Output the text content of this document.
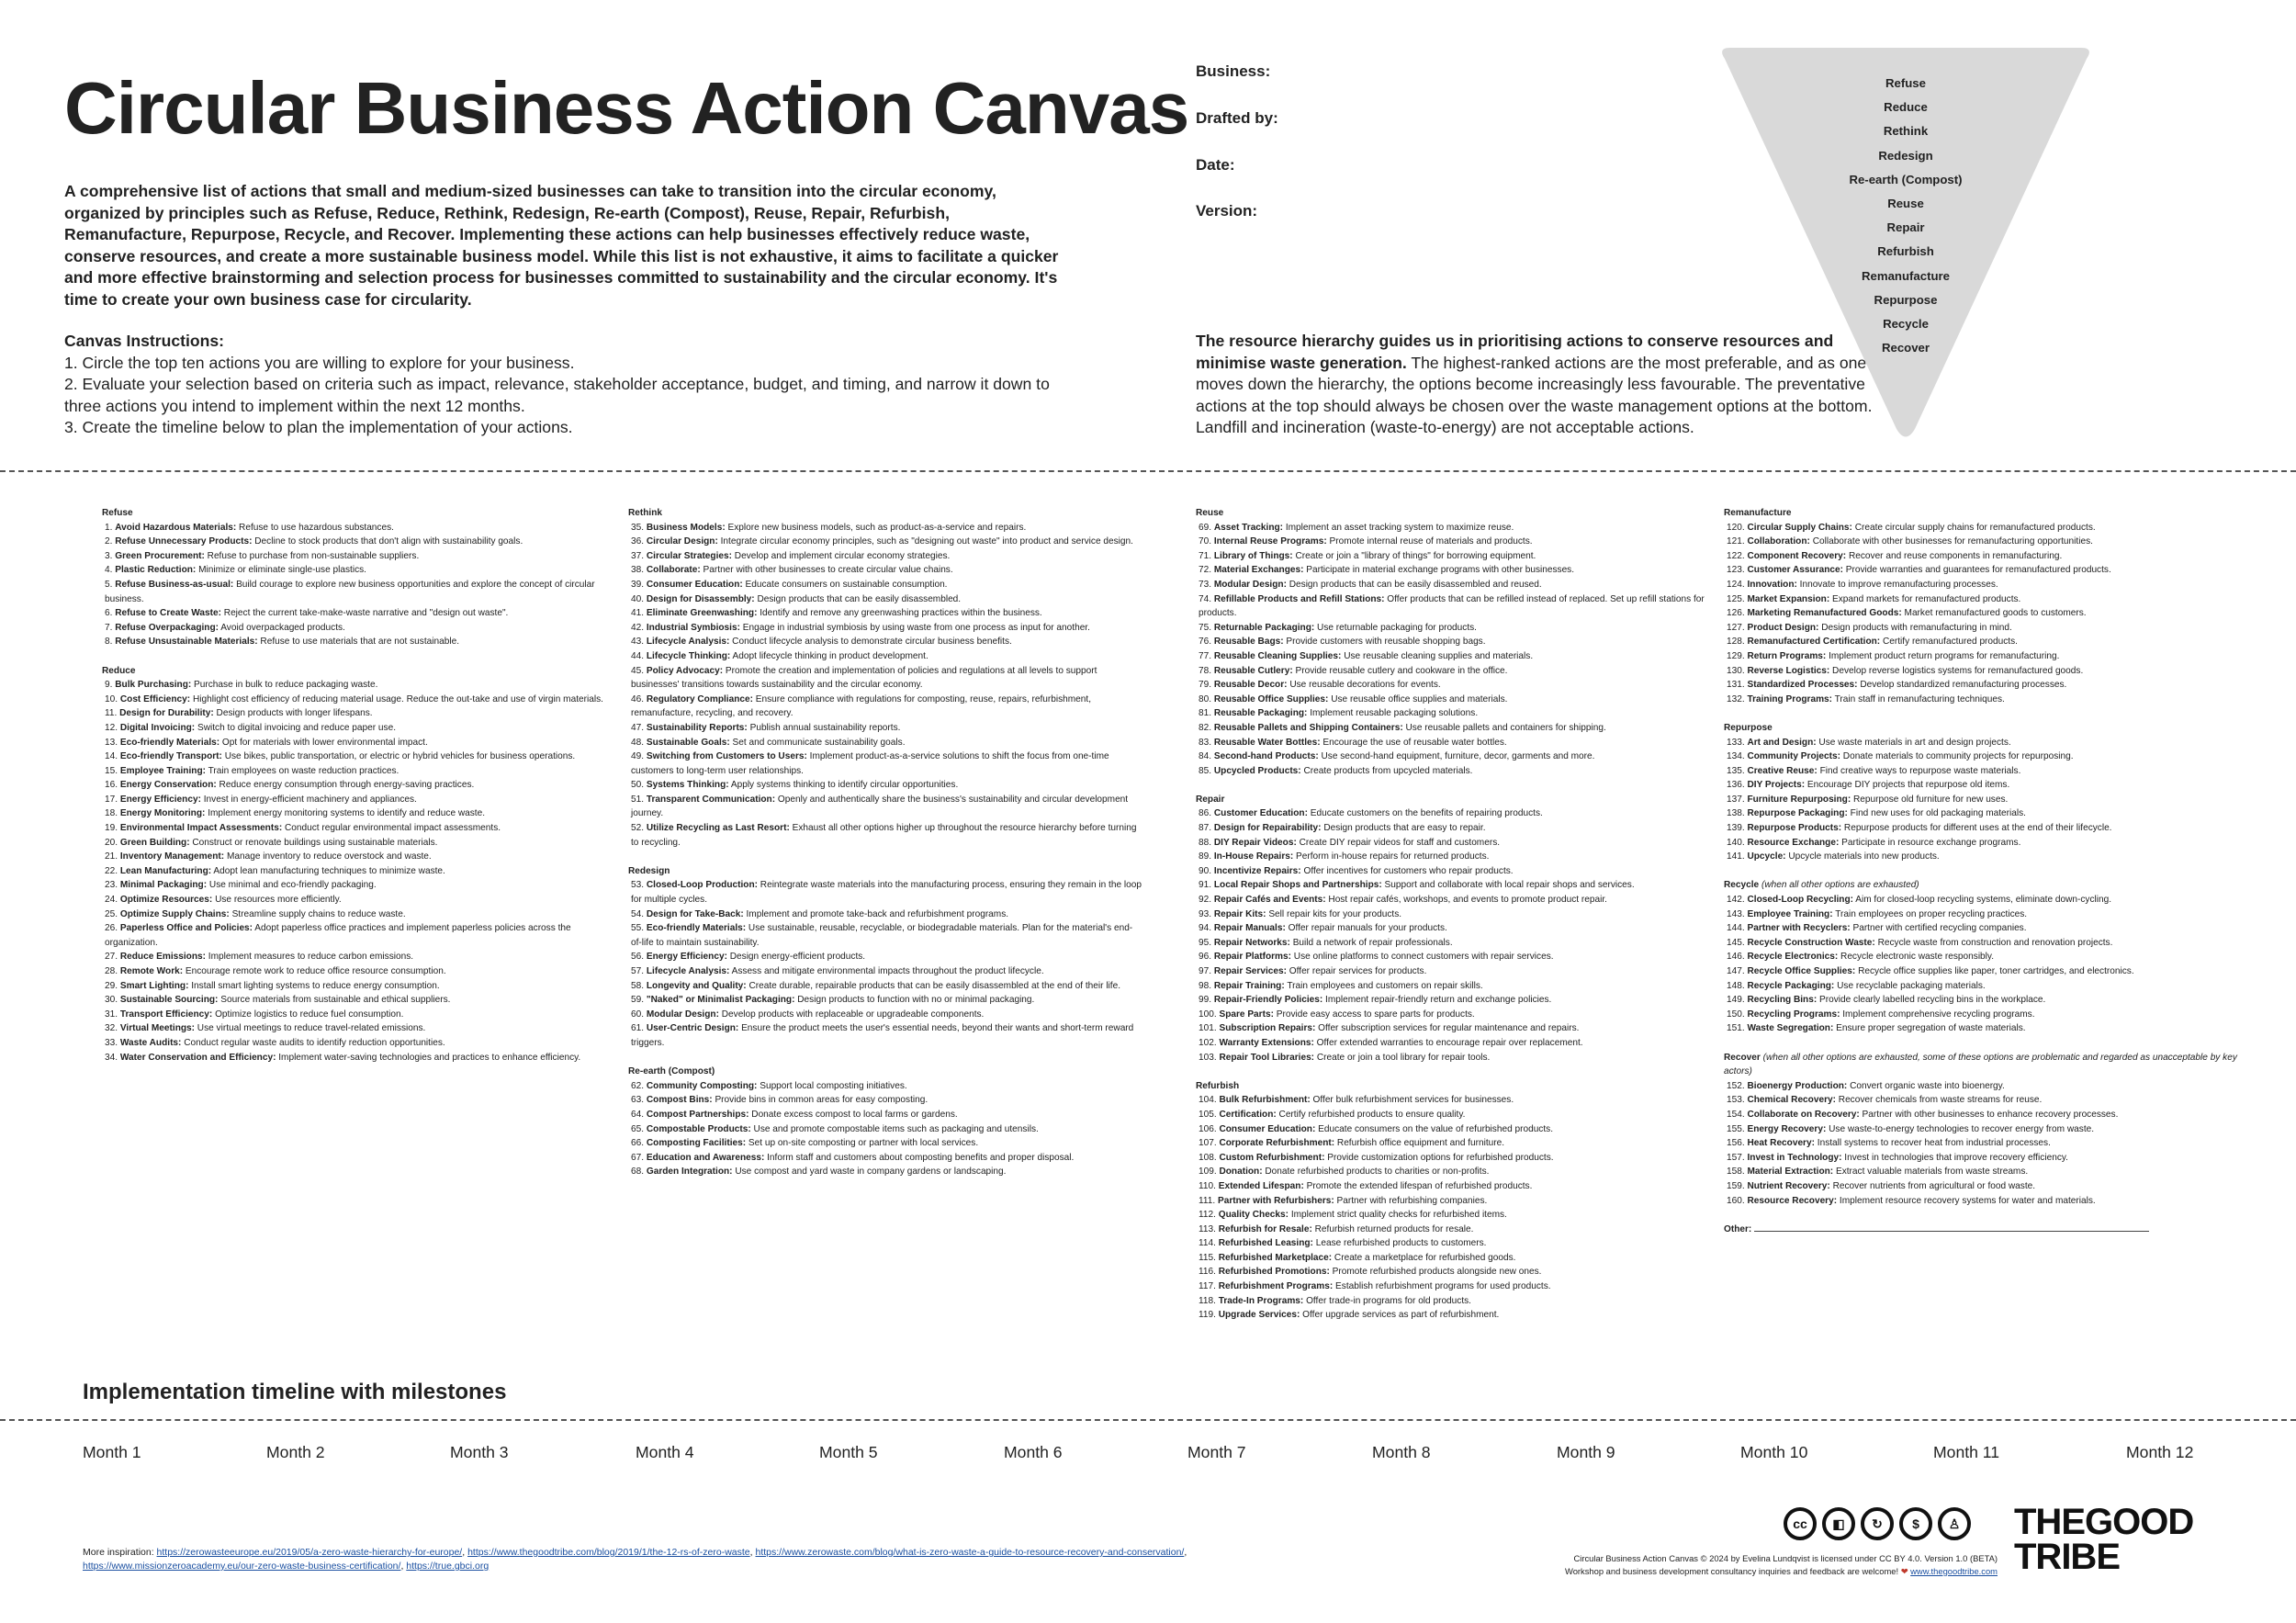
Circular Business Action Canvas
A comprehensive list of actions that small and medium-sized businesses can take to transition into the circular economy, organized by principles such as Refuse, Reduce, Rethink, Redesign, Re-earth (Compost), Reuse, Repair, Refurbish, Remanufacture, Repurpose, Recycle, and Recover. Implementing these actions can help businesses effectively reduce waste, conserve resources, and create a more sustainable business model. While this list is not exhaustive, it aims to facilitate a quicker and more effective brainstorming and selection process for businesses committed to sustainability and the circular economy. It's time to create your own business case for circularity.
Canvas Instructions:
1. Circle the top ten actions you are willing to explore for your business.
2. Evaluate your selection based on criteria such as impact, relevance, stakeholder acceptance, budget, and timing, and narrow it down to three actions you intend to implement within the next 12 months.
3. Create the timeline below to plan the implementation of your actions.
Business:
Drafted by:
Date:
Version:
The resource hierarchy guides us in prioritising actions to conserve resources and minimise waste generation. The highest-ranked actions are the most preferable, and as one moves down the hierarchy, the options become increasingly less favourable. The preventative actions at the top should always be chosen over the waste management options at the bottom. Landfill and incineration (waste-to-energy) are not acceptable actions.
Refuse
Reduce
Rethink
Redesign
Re-earth (Compost)
Reuse
Repair
Refurbish
Remanufacture
Repurpose
Recycle
Recover
Refuse
1. Avoid Hazardous Materials: Refuse to use hazardous substances.
2. Refuse Unnecessary Products: Decline to stock products that don't align with sustainability goals.
3. Green Procurement: Refuse to purchase from non-sustainable suppliers.
4. Plastic Reduction: Minimize or eliminate single-use plastics.
5. Refuse Business-as-usual: Build courage to explore new business opportunities and explore the concept of circular business.
6. Refuse to Create Waste: Reject the current take-make-waste narrative and "design out waste".
7. Refuse Overpackaging: Avoid overpackaged products.
8. Refuse Unsustainable Materials: Refuse to use materials that are not sustainable.
Reduce
9. Bulk Purchasing: Purchase in bulk to reduce packaging waste.
10. Cost Efficiency: Highlight cost efficiency of reducing material usage. Reduce the out-take and use of virgin materials.
11. Design for Durability: Design products with longer lifespans.
12. Digital Invoicing: Switch to digital invoicing and reduce paper use.
13. Eco-friendly Materials: Opt for materials with lower environmental impact.
14. Eco-friendly Transport: Use bikes, public transportation, or electric or hybrid vehicles for business operations.
15. Employee Training: Train employees on waste reduction practices.
16. Energy Conservation: Reduce energy consumption through energy-saving practices.
17. Energy Efficiency: Invest in energy-efficient machinery and appliances.
18. Energy Monitoring: Implement energy monitoring systems to identify and reduce waste.
19. Environmental Impact Assessments: Conduct regular environmental impact assessments.
20. Green Building: Construct or renovate buildings using sustainable materials.
21. Inventory Management: Manage inventory to reduce overstock and waste.
22. Lean Manufacturing: Adopt lean manufacturing techniques to minimize waste.
23. Minimal Packaging: Use minimal and eco-friendly packaging.
24. Optimize Resources: Use resources more efficiently.
25. Optimize Supply Chains: Streamline supply chains to reduce waste.
26. Paperless Office and Policies: Adopt paperless office practices and implement paperless policies across the organization.
27. Reduce Emissions: Implement measures to reduce carbon emissions.
28. Remote Work: Encourage remote work to reduce office resource consumption.
29. Smart Lighting: Install smart lighting systems to reduce energy consumption.
30. Sustainable Sourcing: Source materials from sustainable and ethical suppliers.
31. Transport Efficiency: Optimize logistics to reduce fuel consumption.
32. Virtual Meetings: Use virtual meetings to reduce travel-related emissions.
33. Waste Audits: Conduct regular waste audits to identify reduction opportunities.
34. Water Conservation and Efficiency: Implement water-saving technologies and practices to enhance efficiency.
Rethink
35. Business Models: Explore new business models, such as product-as-a-service and repairs.
36. Circular Design: Integrate circular economy principles, such as "designing out waste" into product and service design.
37. Circular Strategies: Develop and implement circular economy strategies.
38. Collaborate: Partner with other businesses to create circular value chains.
39. Consumer Education: Educate consumers on sustainable consumption.
40. Design for Disassembly: Design products that can be easily disassembled.
41. Eliminate Greenwashing: Identify and remove any greenwashing practices within the business.
42. Industrial Symbiosis: Engage in industrial symbiosis by using waste from one process as input for another.
43. Lifecycle Analysis: Conduct lifecycle analysis to demonstrate circular business benefits.
44. Lifecycle Thinking: Adopt lifecycle thinking in product development.
45. Policy Advocacy: Promote the creation and implementation of policies and regulations at all levels to support businesses' transitions towards sustainability and the circular economy.
46. Regulatory Compliance: Ensure compliance with regulations for composting, reuse, repairs, refurbishment, remanufacture, recycling, and recovery.
47. Sustainability Reports: Publish annual sustainability reports.
48. Sustainable Goals: Set and communicate sustainability goals.
49. Switching from Customers to Users: Implement product-as-a-service solutions to shift the focus from one-time customers to long-term user relationships.
50. Systems Thinking: Apply systems thinking to identify circular opportunities.
51. Transparent Communication: Openly and authentically share the business's sustainability and circular development journey.
52. Utilize Recycling as Last Resort: Exhaust all other options higher up throughout the resource hierarchy before turning to recycling.
Redesign
53. Closed-Loop Production: Reintegrate waste materials into the manufacturing process, ensuring they remain in the loop for multiple cycles.
54. Design for Take-Back: Implement and promote take-back and refurbishment programs.
55. Eco-friendly Materials: Use sustainable, reusable, recyclable, or biodegradable materials. Plan for the material's end-of-life to maintain sustainability.
56. Energy Efficiency: Design energy-efficient products.
57. Lifecycle Analysis: Assess and mitigate environmental impacts throughout the product lifecycle.
58. Longevity and Quality: Create durable, repairable products that can be easily disassembled at the end of their life.
59. "Naked" or Minimalist Packaging: Design products to function with no or minimal packaging.
60. Modular Design: Develop products with replaceable or upgradeable components.
61. User-Centric Design: Ensure the product meets the user's essential needs, beyond their wants and short-term reward triggers.
Re-earth (Compost)
62. Community Composting: Support local composting initiatives.
63. Compost Bins: Provide bins in common areas for easy composting.
64. Compost Partnerships: Donate excess compost to local farms or gardens.
65. Compostable Products: Use and promote compostable items such as packaging and utensils.
66. Composting Facilities: Set up on-site composting or partner with local services.
67. Education and Awareness: Inform staff and customers about composting benefits and proper disposal.
68. Garden Integration: Use compost and yard waste in company gardens or landscaping.
Reuse
69. Asset Tracking: Implement an asset tracking system to maximize reuse.
70. Internal Reuse Programs: Promote internal reuse of materials and products.
71. Library of Things: Create or join a "library of things" for borrowing equipment.
72. Material Exchanges: Participate in material exchange programs with other businesses.
73. Modular Design: Design products that can be easily disassembled and reused.
74. Refillable Products and Refill Stations: Offer products that can be refilled instead of replaced. Set up refill stations for products.
75. Returnable Packaging: Use returnable packaging for products.
76. Reusable Bags: Provide customers with reusable shopping bags.
77. Reusable Cleaning Supplies: Use reusable cleaning supplies and materials.
78. Reusable Cutlery: Provide reusable cutlery and cookware in the office.
79. Reusable Decor: Use reusable decorations for events.
80. Reusable Office Supplies: Use reusable office supplies and materials.
81. Reusable Packaging: Implement reusable packaging solutions.
82. Reusable Pallets and Shipping Containers: Use reusable pallets and containers for shipping.
83. Reusable Water Bottles: Encourage the use of reusable water bottles.
84. Second-hand Products: Use second-hand equipment, furniture, decor, garments and more.
85. Upcycled Products: Create products from upcycled materials.
Repair
86. Customer Education: Educate customers on the benefits of repairing products.
87. Design for Repairability: Design products that are easy to repair.
88. DIY Repair Videos: Create DIY repair videos for staff and customers.
89. In-House Repairs: Perform in-house repairs for returned products.
90. Incentivize Repairs: Offer incentives for customers who repair products.
91. Local Repair Shops and Partnerships: Support and collaborate with local repair shops and services.
92. Repair Cafés and Events: Host repair cafés, workshops, and events to promote product repair.
93. Repair Kits: Sell repair kits for your products.
94. Repair Manuals: Offer repair manuals for your products.
95. Repair Networks: Build a network of repair professionals.
96. Repair Platforms: Use online platforms to connect customers with repair services.
97. Repair Services: Offer repair services for products.
98. Repair Training: Train employees and customers on repair skills.
99. Repair-Friendly Policies: Implement repair-friendly return and exchange policies.
100. Spare Parts: Provide easy access to spare parts for products.
101. Subscription Repairs: Offer subscription services for regular maintenance and repairs.
102. Warranty Extensions: Offer extended warranties to encourage repair over replacement.
103. Repair Tool Libraries: Create or join a tool library for repair tools.
Refurbish
104. Bulk Refurbishment: Offer bulk refurbishment services for businesses.
105. Certification: Certify refurbished products to ensure quality.
106. Consumer Education: Educate consumers on the value of refurbished products.
107. Corporate Refurbishment: Refurbish office equipment and furniture.
108. Custom Refurbishment: Provide customization options for refurbished products.
109. Donation: Donate refurbished products to charities or non-profits.
110. Extended Lifespan: Promote the extended lifespan of refurbished products.
111. Partner with Refurbishers: Partner with refurbishing companies.
112. Quality Checks: Implement strict quality checks for refurbished items.
113. Refurbish for Resale: Refurbish returned products for resale.
114. Refurbished Leasing: Lease refurbished products to customers.
115. Refurbished Marketplace: Create a marketplace for refurbished goods.
116. Refurbished Promotions: Promote refurbished products alongside new ones.
117. Refurbishment Programs: Establish refurbishment programs for used products.
118. Trade-In Programs: Offer trade-in programs for old products.
119. Upgrade Services: Offer upgrade services as part of refurbishment.
Remanufacture
120. Circular Supply Chains: Create circular supply chains for remanufactured products.
121. Collaboration: Collaborate with other businesses for remanufacturing opportunities.
122. Component Recovery: Recover and reuse components in remanufacturing.
123. Customer Assurance: Provide warranties and guarantees for remanufactured products.
124. Innovation: Innovate to improve remanufacturing processes.
125. Market Expansion: Expand markets for remanufactured products.
126. Marketing Remanufactured Goods: Market remanufactured goods to customers.
127. Product Design: Design products with remanufacturing in mind.
128. Remanufactured Certification: Certify remanufactured products.
129. Return Programs: Implement product return programs for remanufacturing.
130. Reverse Logistics: Develop reverse logistics systems for remanufactured goods.
131. Standardized Processes: Develop standardized remanufacturing processes.
132. Training Programs: Train staff in remanufacturing techniques.
Repurpose
133. Art and Design: Use waste materials in art and design projects.
134. Community Projects: Donate materials to community projects for repurposing.
135. Creative Reuse: Find creative ways to repurpose waste materials.
136. DIY Projects: Encourage DIY projects that repurpose old items.
137. Furniture Repurposing: Repurpose old furniture for new uses.
138. Repurpose Packaging: Find new uses for old packaging materials.
139. Repurpose Products: Repurpose products for different uses at the end of their lifecycle.
140. Resource Exchange: Participate in resource exchange programs.
141. Upcycle: Upcycle materials into new products.
Recycle (when all other options are exhausted)
142. Closed-Loop Recycling: Aim for closed-loop recycling systems, eliminate down-cycling.
143. Employee Training: Train employees on proper recycling practices.
144. Partner with Recyclers: Partner with certified recycling companies.
145. Recycle Construction Waste: Recycle waste from construction and renovation projects.
146. Recycle Electronics: Recycle electronic waste responsibly.
147. Recycle Office Supplies: Recycle office supplies like paper, toner cartridges, and electronics.
148. Recycle Packaging: Use recyclable packaging materials.
149. Recycling Bins: Provide clearly labelled recycling bins in the workplace.
150. Recycling Programs: Implement comprehensive recycling programs.
151. Waste Segregation: Ensure proper segregation of waste materials.
Recover (when all other options are exhausted, some of these options are problematic and regarded as unacceptable by key actors)
152. Bioenergy Production: Convert organic waste into bioenergy.
153. Chemical Recovery: Recover chemicals from waste streams for reuse.
154. Collaborate on Recovery: Partner with other businesses to enhance recovery processes.
155. Energy Recovery: Use waste-to-energy technologies to recover energy from waste.
156. Heat Recovery: Install systems to recover heat from industrial processes.
157. Invest in Technology: Invest in technologies that improve recovery efficiency.
158. Material Extraction: Extract valuable materials from waste streams.
159. Nutrient Recovery: Recover nutrients from agricultural or food waste.
160. Resource Recovery: Implement resource recovery systems for water and materials.
Other:
Implementation timeline with milestones
Month 1	Month 2	Month 3	Month 4	Month 5	Month 6	Month 7	Month 8	Month 9	Month 10	Month 11	Month 12
More inspiration: https://zerowasteeurope.eu/2019/05/a-zero-waste-hierarchy-for-europe/, https://www.thegoodtribe.com/blog/2019/1/the-12-rs-of-zero-waste, https://www.zerowaste.com/blog/what-is-zero-waste-a-guide-to-resource-recovery-and-conservation/,
https://www.missionzeroacademy.eu/our-zero-waste-business-certification/, https://true.gbci.org
cc	◧	↻	$	♙ THEGOOD
TRIBE
Circular Business Action Canvas © 2024 by Evelina Lundqvist is licensed under CC BY 4.0. Version 1.0 (BETA)
Workshop and business development consultancy inquiries and feedback are welcome! ❤ www.thegoodtribe.com
